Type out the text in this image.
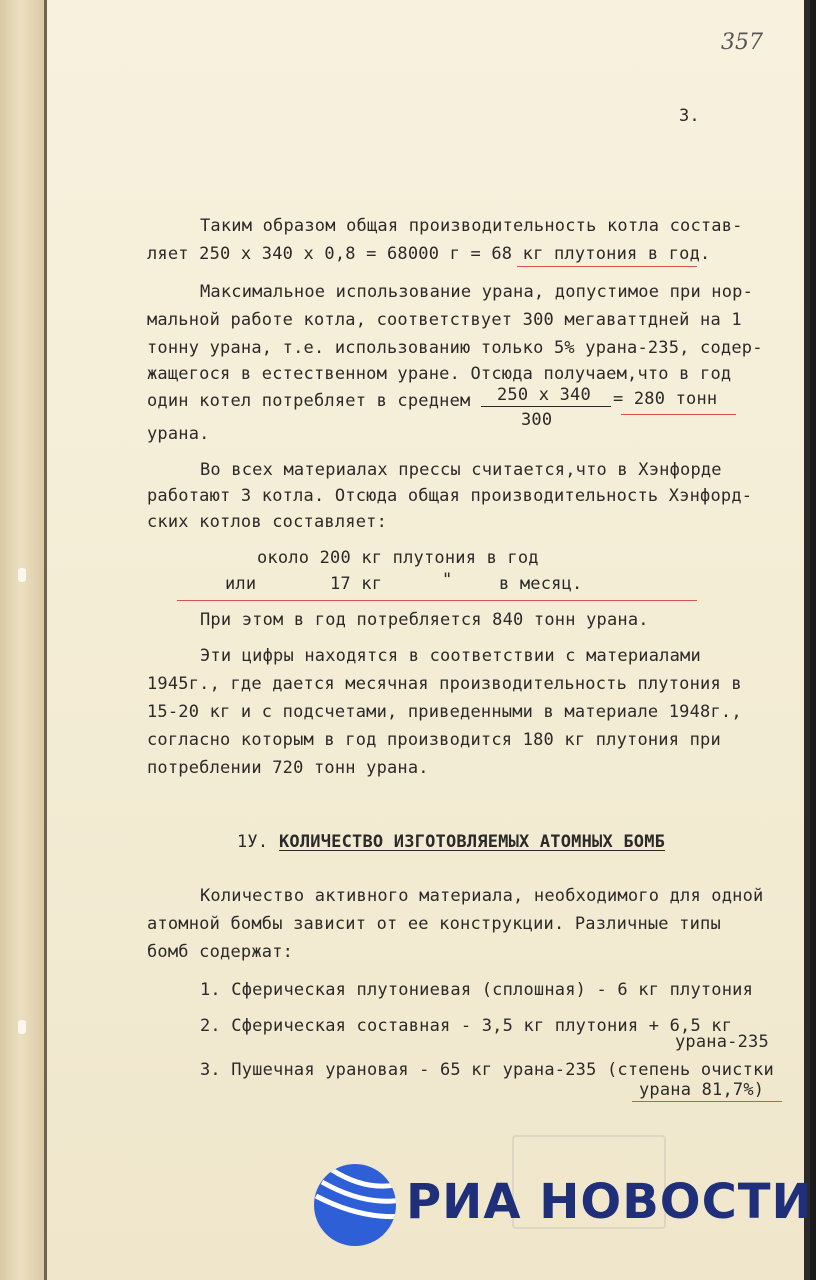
357
3.
Таким образом общая производительность котла состав-
ляет 250 х 340 х 0,8 = 68000 г = 68 кг плутония в год.
Максимальное использование урана, допустимое при нор-
мальной работе котла, соответствует 300 мегаваттдней на 1
тонну урана, т.е. использованию только 5% урана-235, содер-
жащегося в естественном уране. Отсюда получаем,что в год
один котел потребляет в среднем 250 х 340
300
= 280 тонн
урана.
Во всех материалах прессы считается,что в Хэнфорде
работают 3 котла. Отсюда общая производительность Хэнфорд-
ских котлов составляет:
около 200 кг плутония в год
или	17 кг	"	в месяц.
При этом в год потребляется 840 тонн урана.
Эти цифры находятся в соответствии с материалами
1945г., где дается месячная производительность плутония в
15-20 кг и с подсчетами, приведенными в материале 1948г.,
согласно которым в год производится 180 кг плутония при
потреблении 720 тонн урана.
1У. КОЛИЧЕСТВО ИЗГОТОВЛЯЕМЫХ АТОМНЫХ БОМБ
Количество активного материала, необходимого для одной
атомной бомбы зависит от ее конструкции. Различные типы
бомб содержат:
1. Сферическая плутониевая (сплошная) - 6 кг плутония
2. Сферическая составная - 3,5 кг плутония + 6,5 кг
урана-235
3. Пушечная урановая - 65 кг урана-235 (степень очистки
урана 81,7%)
РИА НОВОСТИ
